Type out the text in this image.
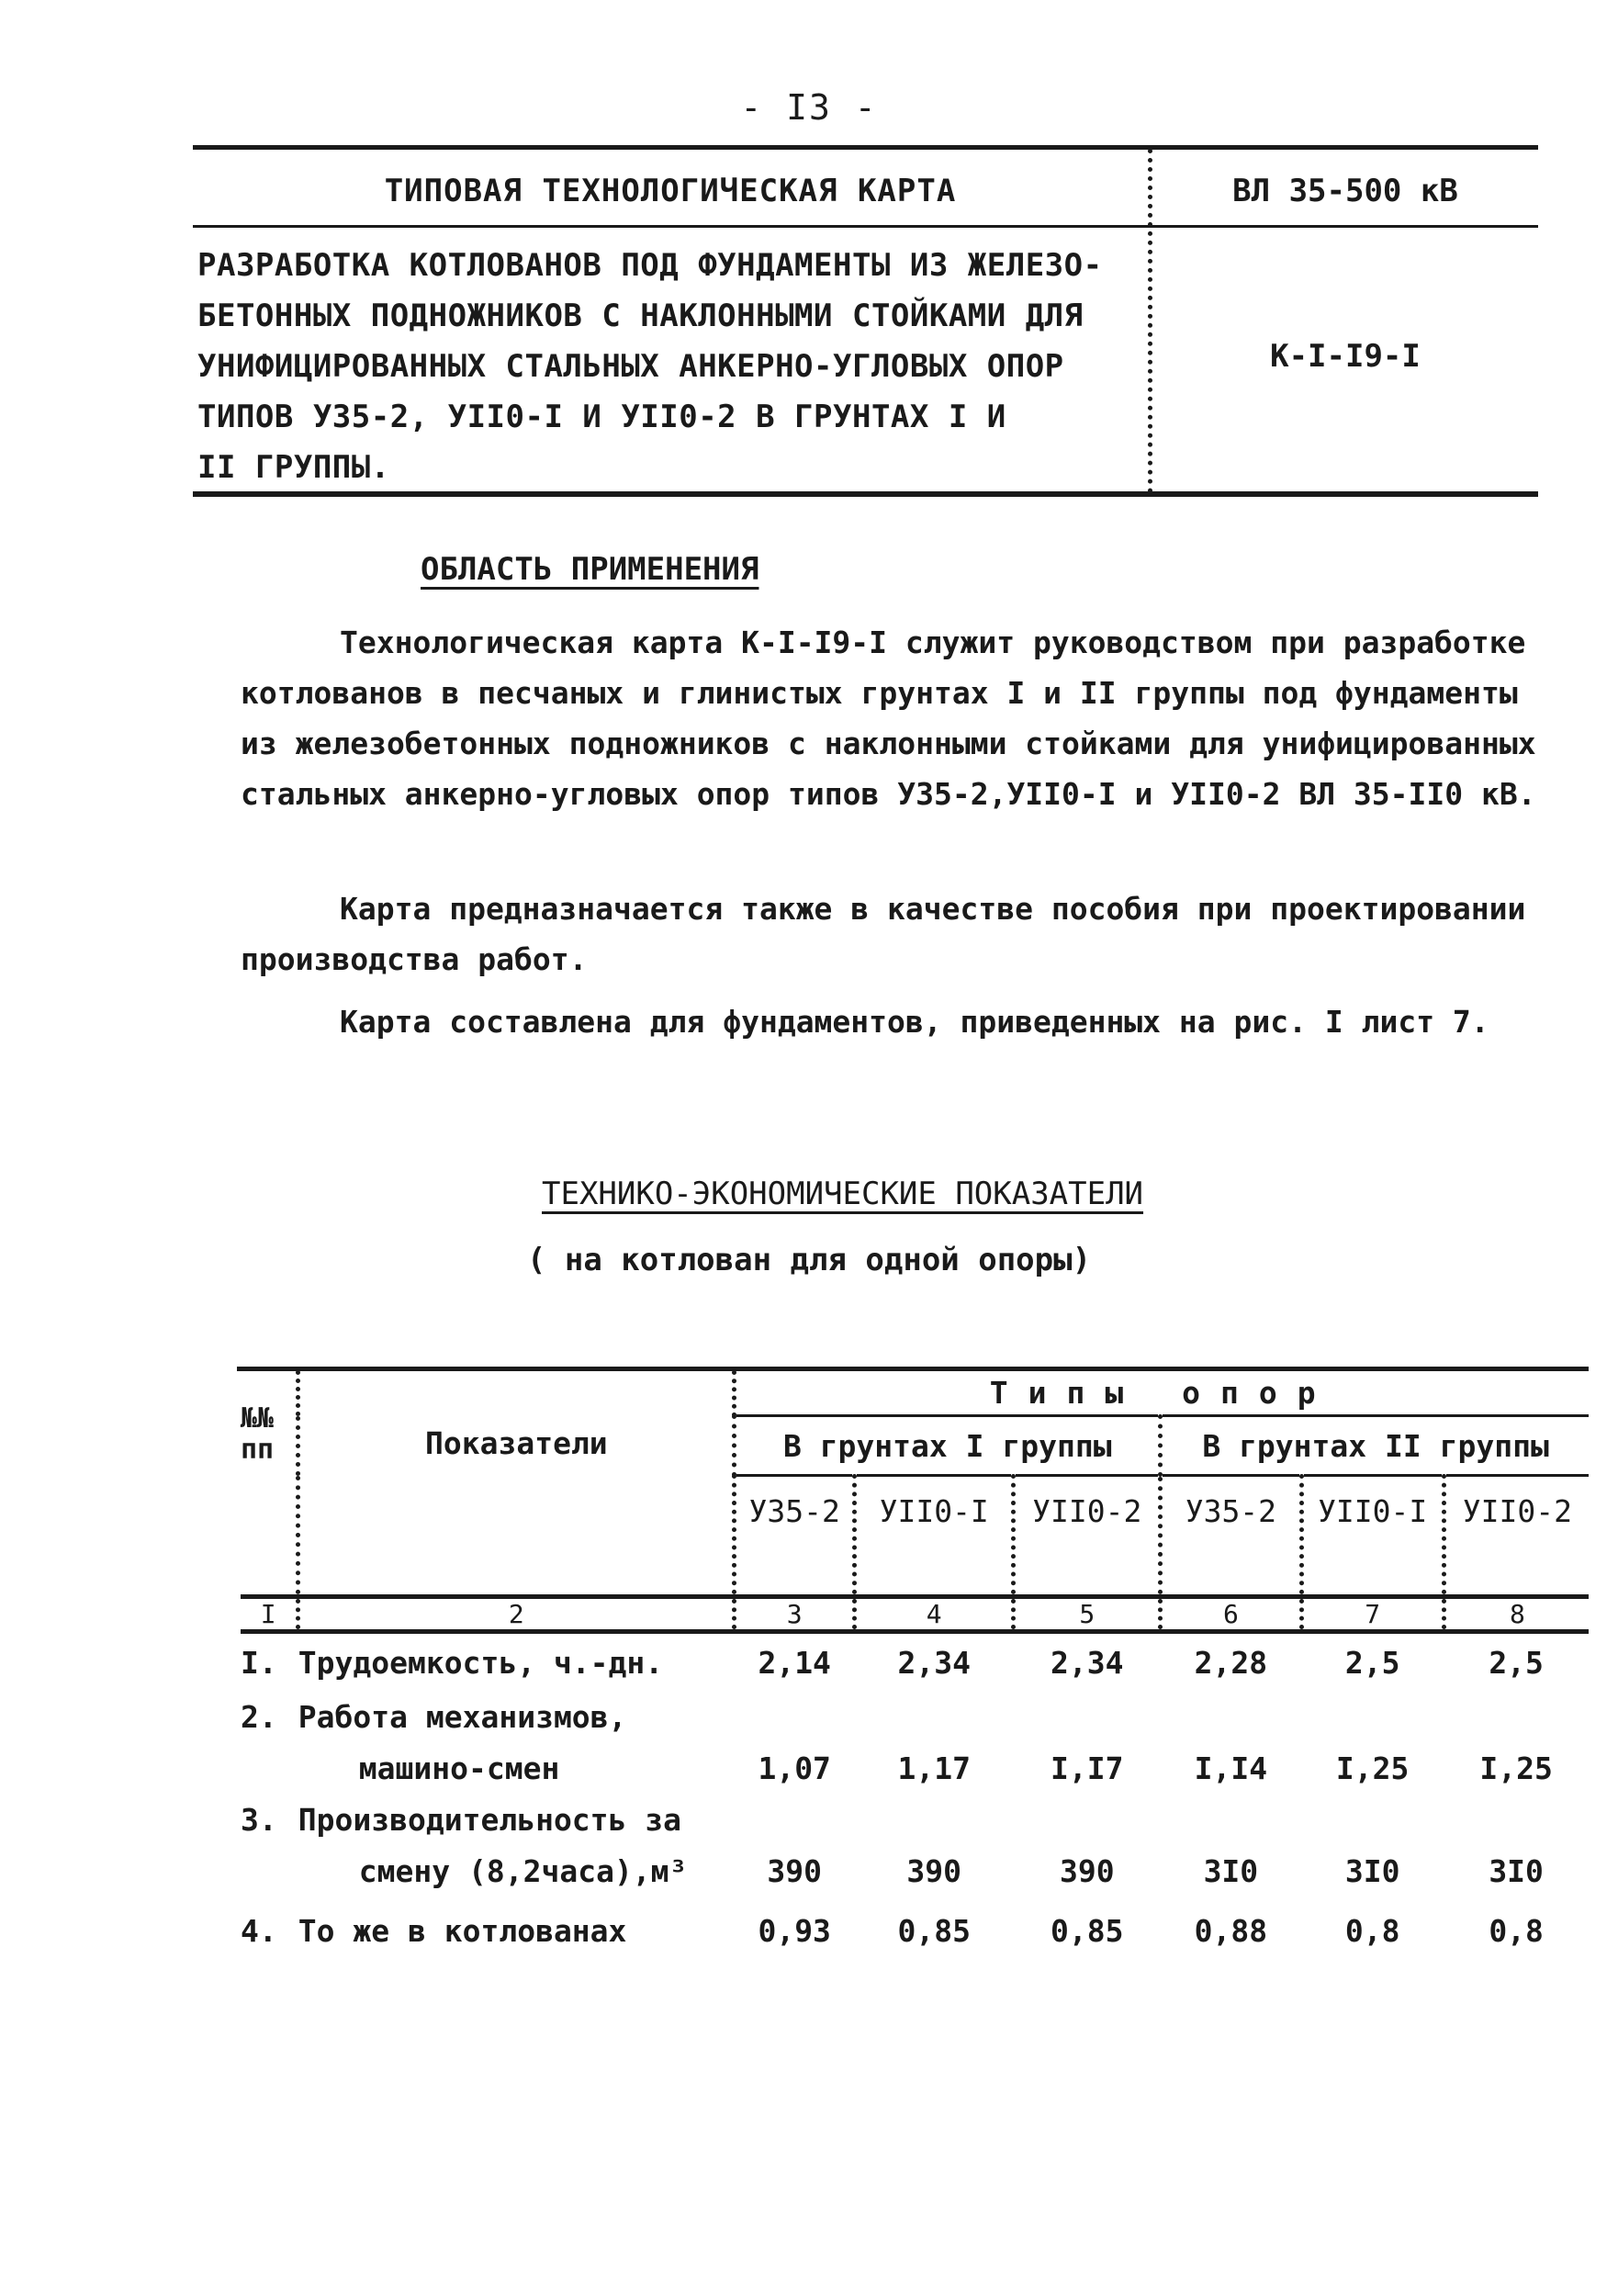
- I3 -
ТИПОВАЯ ТЕХНОЛОГИЧЕСКАЯ КАРТА	ВЛ 35-500 кВ
РАЗРАБОТКА КОТЛОВАНОВ ПОД ФУНДАМЕНТЫ ИЗ ЖЕЛЕЗО-
БЕТОННЫХ ПОДНОЖНИКОВ С НАКЛОННЫМИ СТОЙКАМИ ДЛЯ
УНИФИЦИРОВАННЫХ СТАЛЬНЫХ АНКЕРНО-УГЛОВЫХ ОПОР
ТИПОВ У35-2, УII0-I И УII0-2 В ГРУНТАХ I И
II ГРУППЫ.
К-I-I9-I
ОБЛАСТЬ ПРИМЕНЕНИЯ
Технологическая карта К-I-I9-I служит руководством при разработке котлованов в песчаных и глинистых грунтах I и II группы под фундаменты из железобетонных подножников с наклонными стойками для унифицированных стальных анкерно-угловых опор типов У35-2,УII0-I и УII0-2 ВЛ 35-II0 кВ.
Карта предназначается также в качестве пособия при проектировании производства работ.
Карта составлена для фундаментов, приведенных на рис. I лист 7.
ТЕХНИКО-ЭКОНОМИЧЕСКИЕ ПОКАЗАТЕЛИ
( на котлован для одной опоры)
№№ пп	Показатели	Типы опор					
		В грунтах I группы			В грунтах II группы		
		У35-2	УII0-I	УII0-2	У35-2	УII0-I	УII0-2
I	2	3	4	5	6	7	8
I.	Трудоемкость, ч.-дн.	2,14	2,34	2,34	2,28	2,5	2,5
2.	Работа механизмов,						
	машино-смен	1,07	1,17	I,I7	I,I4	I,25	I,25
3.	Производительность за						
	смену (8,2часа),м³	390	390	390	3I0	3I0	3I0
4.	То же в котлованах	0,93	0,85	0,85	0,88	0,8	0,8
